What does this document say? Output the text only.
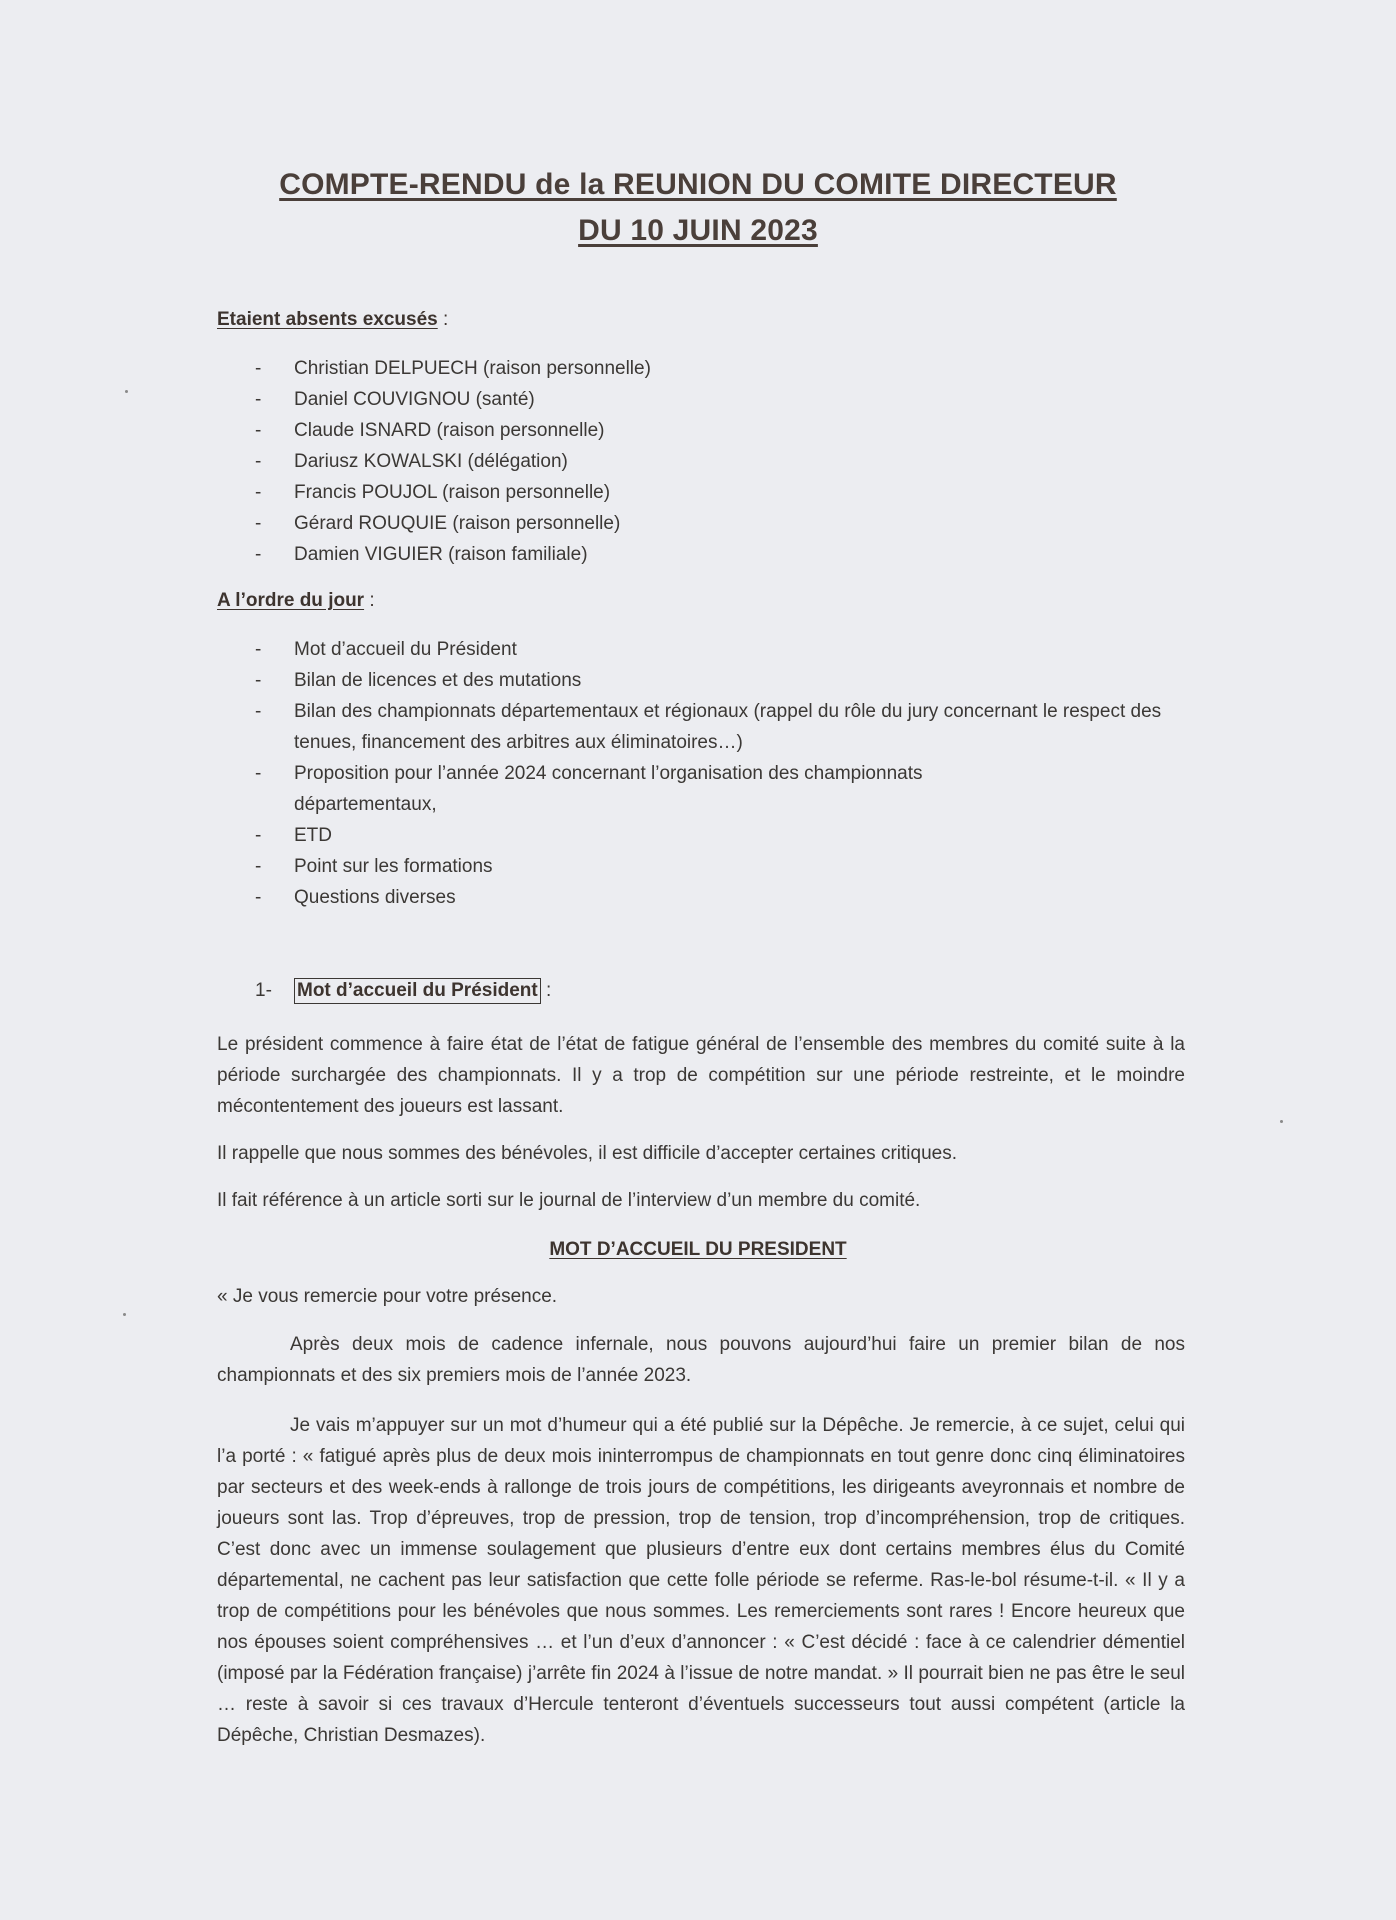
COMPTE-RENDU de la REUNION DU COMITE DIRECTEUR
DU 10 JUIN 2023
Etaient absents excusés :
- Christian DELPUECH (raison personnelle)
- Daniel COUVIGNOU (santé)
- Claude ISNARD (raison personnelle)
- Dariusz KOWALSKI (délégation)
- Francis POUJOL (raison personnelle)
- Gérard ROUQUIE (raison personnelle)
- Damien VIGUIER (raison familiale)
A l’ordre du jour :
- Mot d’accueil du Président
- Bilan de licences et des mutations
- Bilan des championnats départementaux et régionaux (rappel du rôle du jury concernant le respect des tenues, financement des arbitres aux éliminatoires…)
- Proposition pour l’année 2024 concernant l’organisation des championnats départementaux,
- ETD
- Point sur les formations
- Questions diverses
1- Mot d’accueil du Président :

Le président commence à faire état de l’état de fatigue général de l’ensemble des membres du comité suite à la période surchargée des championnats. Il y a trop de compétition sur une période restreinte, et le moindre mécontentement des joueurs est lassant.

Il rappelle que nous sommes des bénévoles, il est difficile d’accepter certaines critiques.

Il fait référence à un article sorti sur le journal de l’interview d’un membre du comité.

MOT D’ACCUEIL DU PRESIDENT

« Je vous remercie pour votre présence.

Après deux mois de cadence infernale, nous pouvons aujourd’hui faire un premier bilan de nos championnats et des six premiers mois de l’année 2023.

Je vais m’appuyer sur un mot d’humeur qui a été publié sur la Dépêche. Je remercie, à ce sujet, celui qui l’a porté : « fatigué après plus de deux mois ininterrompus de championnats en tout genre donc cinq éliminatoires par secteurs et des week-ends à rallonge de trois jours de compétitions, les dirigeants aveyronnais et nombre de joueurs sont las. Trop d’épreuves, trop de pression, trop de tension, trop d’incompréhension, trop de critiques. C’est donc avec un immense soulagement que plusieurs d’entre eux dont certains membres élus du Comité départemental, ne cachent pas leur satisfaction que cette folle période se referme. Ras-le-bol résume-t-il. « Il y a trop de compétitions pour les bénévoles que nous sommes. Les remerciements sont rares ! Encore heureux que nos épouses soient compréhensives … et l’un d’eux d’annoncer : « C’est décidé : face à ce calendrier démentiel (imposé par la Fédération française) j’arrête fin 2024 à l’issue de notre mandat. » Il pourrait bien ne pas être le seul … reste à savoir si ces travaux d’Hercule tenteront d’éventuels successeurs tout aussi compétent (article la Dépêche, Christian Desmazes).
